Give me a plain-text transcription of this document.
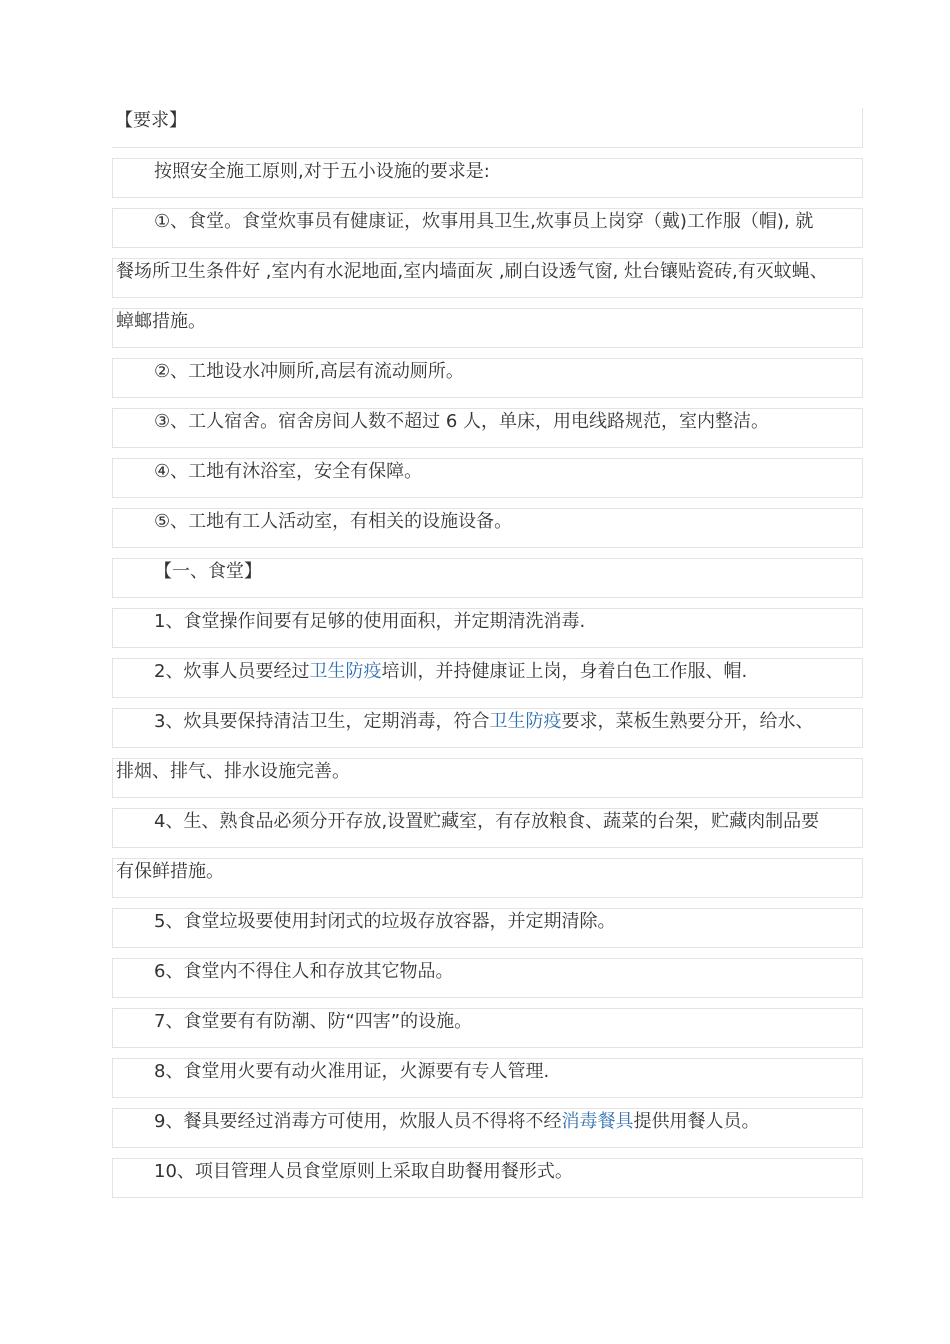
【要求】
按照安全施工原则,对于五小设施的要求是:
①、食堂。食堂炊事员有健康证，炊事用具卫生,炊事员上岗穿（戴)工作服（帽), 就
餐场所卫生条件好 ,室内有水泥地面,室内墙面灰 ,刷白设透气窗, 灶台镶贴瓷砖,有灭蚊蝇、
蟑螂措施。
②、工地设水冲厕所,高层有流动厕所。
③、工人宿舍。宿舍房间人数不超过 6 人，单床，用电线路规范，室内整洁。
④、工地有沐浴室，安全有保障。
⑤、工地有工人活动室，有相关的设施设备。
【一、食堂】
1、食堂操作间要有足够的使用面积，并定期清洗消毒.
2、炊事人员要经过卫生防疫培训，并持健康证上岗，身着白色工作服、帽.
3、炊具要保持清洁卫生，定期消毒，符合卫生防疫要求，菜板生熟要分开，给水、
排烟、排气、排水设施完善。
4、生、熟食品必须分开存放,设置贮藏室，有存放粮食、蔬菜的台架，贮藏肉制品要
有保鲜措施。
5、食堂垃圾要使用封闭式的垃圾存放容器，并定期清除。
6、食堂内不得住人和存放其它物品。
7、食堂要有有防潮、防“四害”的设施。
8、食堂用火要有动火准用证，火源要有专人管理.
9、餐具要经过消毒方可使用，炊服人员不得将不经消毒餐具提供用餐人员。
10、项目管理人员食堂原则上采取自助餐用餐形式。
